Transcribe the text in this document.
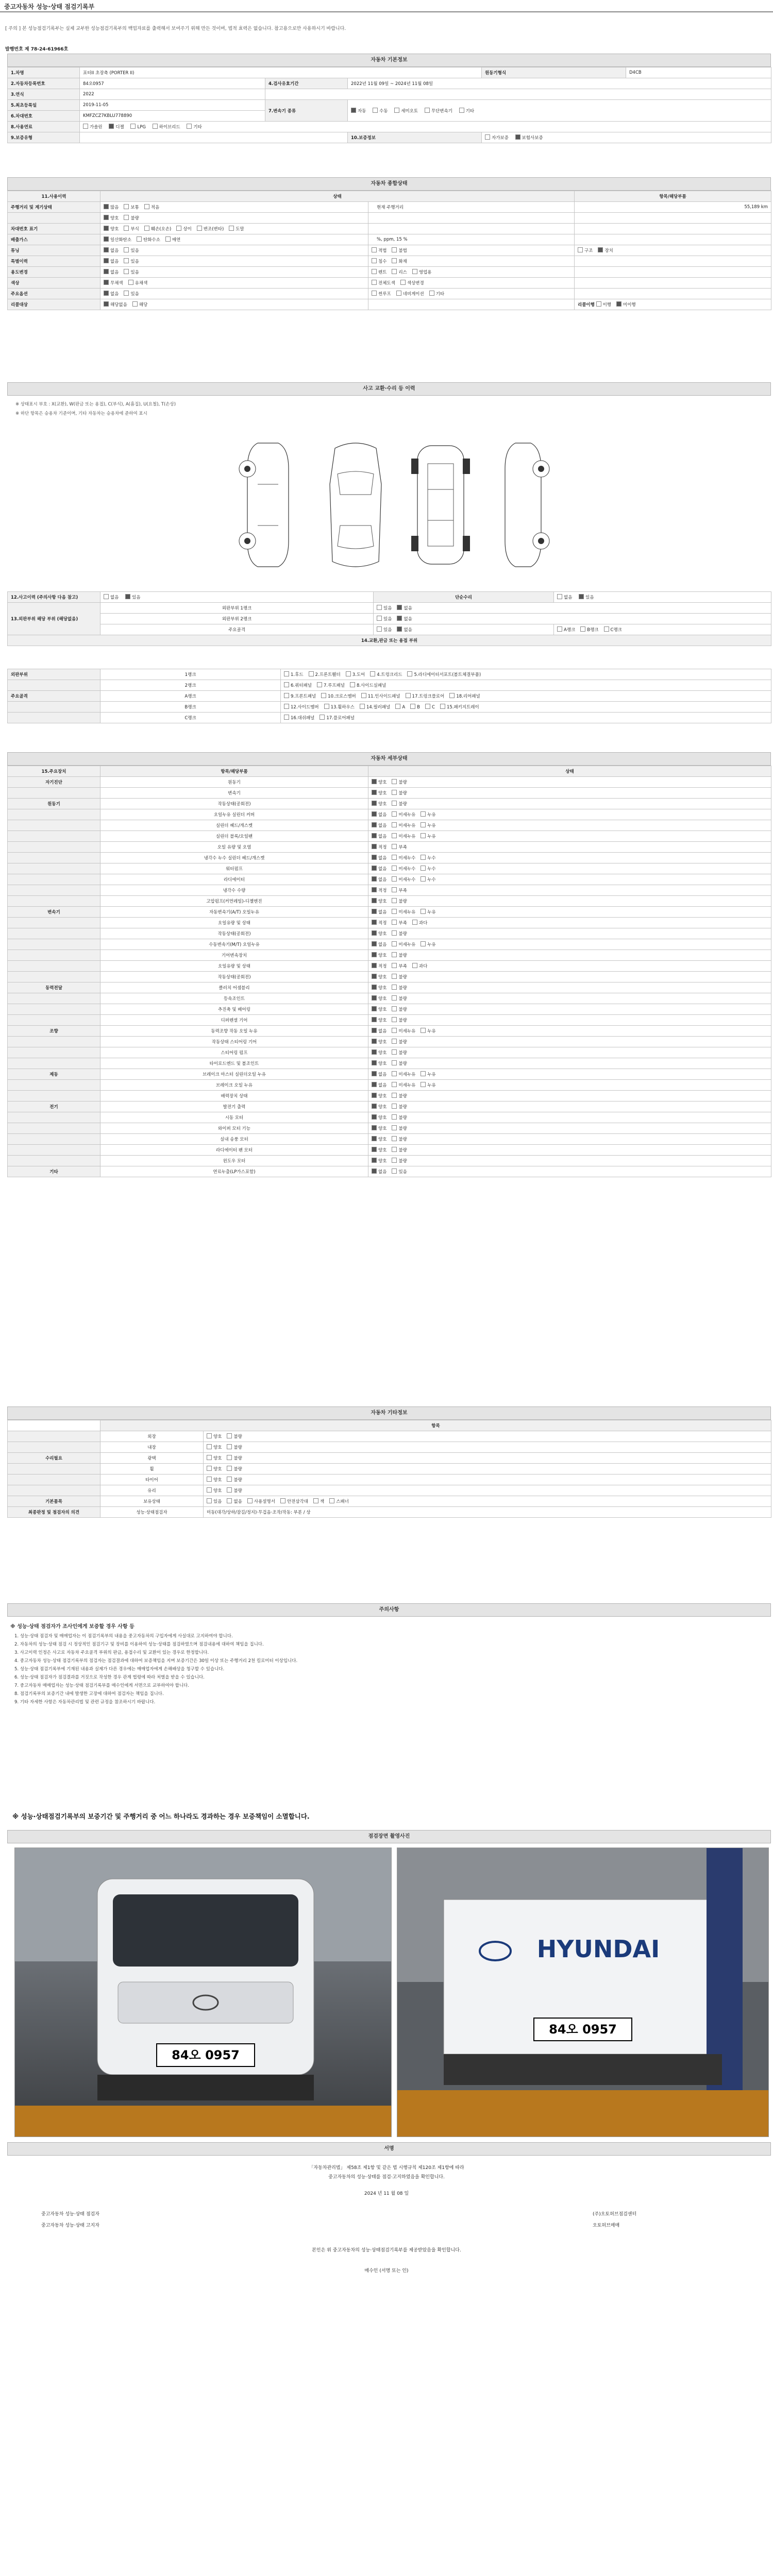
중고자동차 성능·상태 점검기록부
[ 주의 ] 본 성능점검기록부는 실제 교부한 성능점검기록부의 백업자료를 출력해서 보여주기 위해 만든 것이며, 법적 효력은 없습니다. 참고용으로만 사용하시기 바랍니다.
발행번호 제 78-24-61966호
자동차 기본정보
1.차명	포터II 초장축 (PORTER II)			원동기형식	D4CB
2.자동차등록번호	84오0957	4.검사유효기간	2022년 11월 09일 ~ 2024년 11월 08일		
3.연식	2022				
5.최초등록일	2019-11-05	7.변속기 종류	자동 수동 세미오토 무단변속기 기타		
6.차대번호	KMFZCZ7KBLU778890				
8.사용연료	가솔린 디젤 LPG 하이브리드 기타				
9.보증유형			10.보증정보	자가보증 보험사보증	
자동차 종합상태
11.사용이력	상태		항목/해당부품
주행거리 및 계기상태	많음 보통 적음	현재 주행거리	55,189 km

	양호 불량		
차대번호 표기	양호 부식 훼손(오손) 상이 변조(변타) 도말		
배출가스	일산화탄소 탄화수소 매연	%, ppm, 15 %	
튜닝	없음 있음	적법 불법	구조 장치
특별이력	없음 있음	침수 화재	
용도변경	없음 있음	렌트 리스 영업용	
색상	무채색 유채색	전체도색 색상변경	
주요옵션	없음 있음	썬루프 네비게이션 기타	
리콜대상	해당없음 해당		리콜이행 이행 미이행
사고 교환·수리 등 이력
※ 상태표시 부호 : X(교환), W(판금 또는 용접), C(부식), A(흠집), U(요철), T(손상)
※ 하단 항목은 승용차 기준이며, 기타 자동차는 승용차에 준하여 표시
12.사고이력 (주의사항 다음 참고)	없음 있음	단순수리	없음 있음
13.외판부위 해당 부위 (해당없음)	외판부위 1랭크	있음 없음	
	외판부위 2랭크	있음 없음	
	주요골격	있음 없음	A랭크 B랭크 C랭크
14.교환,판금 또는 용접 부위			
외판부위	1랭크	1.후드 2.프론트휀더 3.도어 4.트렁크리드 5.라디에이터서포트(볼트체결부품)
	2랭크	6.쿼터패널 7.루프패널 8.사이드실패널
주요골격	A랭크	9.프론트패널 10.크로스멤버 11.인사이드패널 17.트렁크플로어 18.리어패널
	B랭크	12.사이드멤버 13.휠하우스 14.필러패널 A B C 15.패키지트레이
	C랭크	16.대쉬패널 17.플로어패널
자동차 세부상태
15.주요장치	항목/해당부품	상태
자기진단	원동기	양호 불량
	변속기	양호 불량
원동기	작동상태(공회전)	양호 불량
	오일누유 실린더 커버	없음 미세누유 누유
	실린더 헤드/개스켓	없음 미세누유 누유
	실린더 블록/오일팬	없음 미세누유 누유
	오일 유량 및 오염	적정 부족
	냉각수 누수 실린더 헤드/개스켓	없음 미세누수 누수
	워터펌프	없음 미세누수 누수
	라디에이터	없음 미세누수 누수
	냉각수 수량	적정 부족
	고압펌프(커먼레일)-디젤엔진	양호 불량
변속기	자동변속기(A/T) 오일누유	없음 미세누유 누유
	오일유량 및 상태	적정 부족 과다
	작동상태(공회전)	양호 불량
	수동변속기(M/T) 오일누유	없음 미세누유 누유
	기어변속장치	양호 불량
	오일유량 및 상태	적정 부족 과다
	작동상태(공회전)	양호 불량
동력전달	클러치 어셈블리	양호 불량
	등속조인트	양호 불량
	추진축 및 베어링	양호 불량
	디퍼렌셜 기어	양호 불량
조향	동력조향 작동 오일 누유	없음 미세누유 누유
	작동상태 스티어링 기어	양호 불량
	스티어링 펌프	양호 불량
	타이로드엔드 및 볼조인트	양호 불량
제동	브레이크 마스터 실린더오일 누유	없음 미세누유 누유
	브레이크 오일 누유	없음 미세누유 누유
	배력장치 상태	양호 불량
전기	발전기 출력	양호 불량
	시동 모터	양호 불량
	와이퍼 모터 기능	양호 불량
	실내 송풍 모터	양호 불량
	라디에이터 팬 모터	양호 불량
	윈도우 모터	양호 불량
기타	연료누출(LP가스포함)	없음 있음
자동차 기타정보
	항목	
	외장	양호 불량
	내장	양호 불량
수리필요	광택	양호 불량
	휠	양호 불량
	타이어	양호 불량
	유리	양호 불량
기본품목	보유상태	있음 없음 사용설명서 안전삼각대 잭 스패너
최종판정 및 점검자의 의견	성능·상태점검자	미동(대각/상하/잠길/정지)·무겁음·조작/작동: 부분 / 상
주의사항
※ 성능·상태 점검자가 조사인에게 보증할 경우 사항 등
1. 성능·상태 점검자 및 매매업자는 이 점검기록부의 내용을 중고자동차의 구입자에게 사실대로 고지하여야 합니다.
2. 자동차의 성능·상태 점검 시 정상적인 점검기구 및 장비를 이용하여 성능·상태를 점검하였으며 점검내용에 대하여 책임을 집니다.
3. 사고이력 인정은 사고로 자동차 주요골격 부위의 판금, 용접수리 및 교환이 있는 경우로 한정합니다.
4. 중고자동차 성능·상태 점검기록부의 점검자는 점검결과에 대하여 보증책임을 지며 보증기간은 30일 이상 또는 주행거리 2천 킬로미터 이상입니다.
5. 성능·상태 점검기록부에 기재된 내용과 실제가 다른 경우에는 매매업자에게 손해배상을 청구할 수 있습니다.
6. 성능·상태 점검자가 점검결과를 거짓으로 작성한 경우 관계 법령에 따라 처벌을 받을 수 있습니다.
7. 중고자동차 매매업자는 성능·상태 점검기록부를 매수인에게 서면으로 교부하여야 합니다.
8. 점검기록부의 보증기간 내에 발생한 고장에 대하여 점검자는 책임을 집니다.
9. 기타 자세한 사항은 자동차관리법 및 관련 규정을 참조하시기 바랍니다.
※ 성능·상태점검기록부의 보증기간 및 주행거리 중 어느 하나라도 경과하는 경우 보증책임이 소멸합니다.
점검장면 촬영사진
84오 0957
HYUNDAI
84오 0957
서명
「자동차관리법」 제58조 제1항 및 같은 법 시행규칙 제120조 제1항에 따라
중고자동차의 성능·상태를 점검·고지하였음을 확인합니다.
2024 년 11 월 08 일
중고자동차 성능·상태 점검자	(주)오토허브점검센터
중고자동차 성능·상태 고지자	오토허브매매
본인은 위 중고자동차의 성능·상태점검기록부를 제공받았음을 확인합니다.
매수인 (서명 또는 인)
